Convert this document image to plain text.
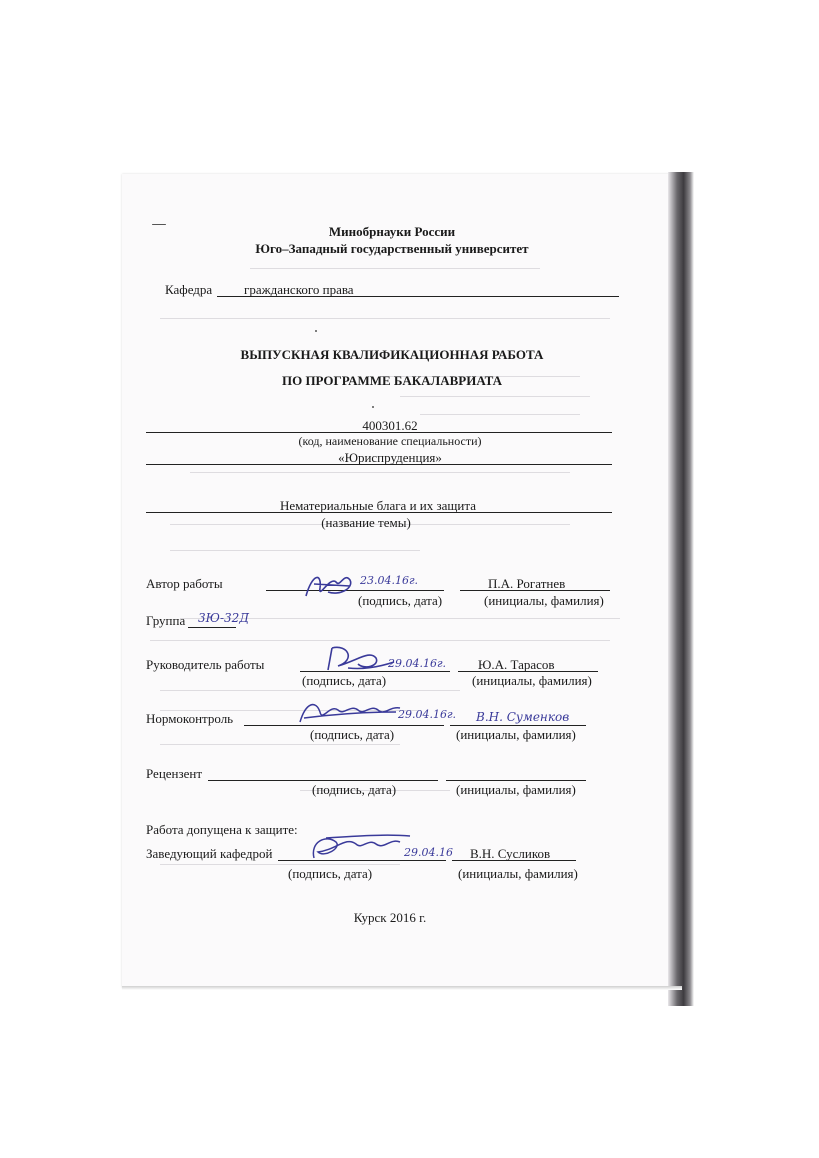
Минобрнауки России
Юго–Западный государственный университет
Кафедра гражданского права
ВЫПУСКНАЯ КВАЛИФИКАЦИОННАЯ РАБОТА
ПО ПРОГРАММЕ БАКАЛАВРИАТА
400301.62
(код, наименование специальности)
«Юриспруденция»
Нематериальные блага и их защита
(название темы)
Автор работы	23.04.16г.	П.А. Рогатнев
(подпись, дата)	(инициалы, фамилия)
Группа 3Ю-32Д
Руководитель работы	29.04.16г. Ю.А. Тарасов
(подпись, дата)	(инициалы, фамилия)
Нормоконтроль	29.04.16г. В.Н. Суменков
(подпись, дата)	(инициалы, фамилия)
Рецензент
(подпись, дата)	(инициалы, фамилия)
Работа допущена к защите:
Заведующий кафедрой	29.04.16 В.Н. Сусликов
(подпись, дата)	(инициалы, фамилия)
Курск 2016 г.
